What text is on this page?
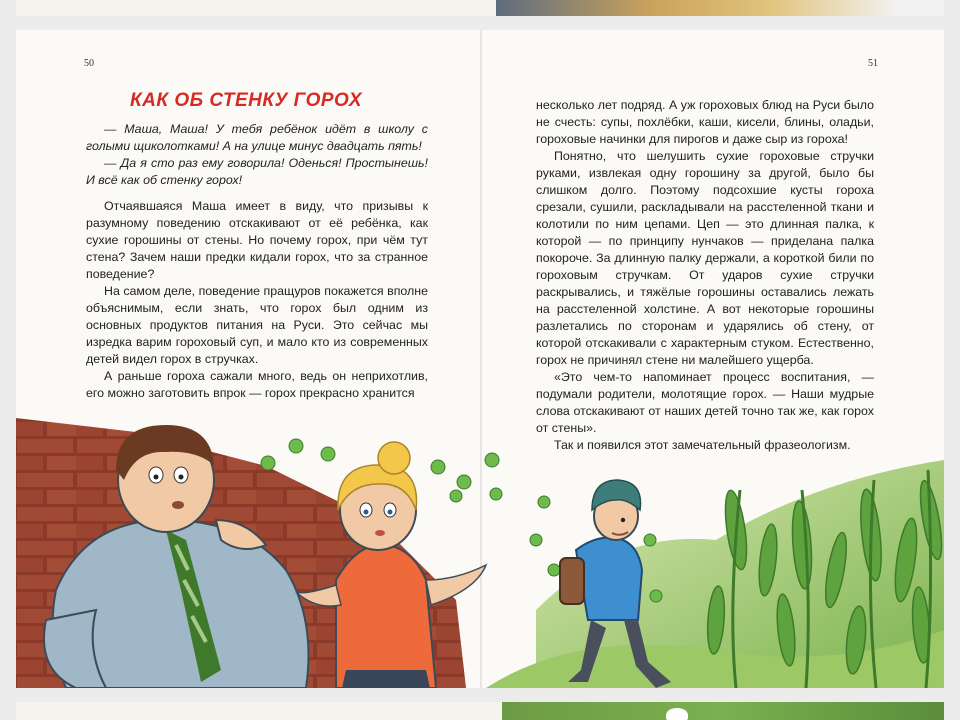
50	51
КАК ОБ СТЕНКУ ГОРОХ

— Маша, Маша! У тебя ребёнок идёт в школу с голыми щиколотками! А на улице минус двадцать пять!

— Да я сто раз ему говорила! Оденься! Простынешь! И всё как об стенку горох!

Отчаявшаяся Маша имеет в виду, что призывы к разумному поведению отскакивают от её ребёнка, как сухие горошины от стены. Но почему горох, при чём тут стена? Зачем наши предки кидали горох, что за странное поведение?

На самом деле, поведение пращуров покажется вполне объяснимым, если знать, что горох был одним из основных продуктов питания на Руси. Это сейчас мы изредка варим гороховый суп, и мало кто из современных детей видел горох в стручках.

А раньше гороха сажали много, ведь он неприхотлив, его можно заготовить впрок — горох прекрасно хранится

несколько лет подряд. А уж гороховых блюд на Руси было не счесть: супы, похлёбки, каши, кисели, блины, оладьи, гороховые начинки для пирогов и даже сыр из гороха!

Понятно, что шелушить сухие гороховые стручки руками, извлекая одну горошину за другой, было бы слишком долго. Поэтому подсохшие кусты гороха срезали, сушили, раскладывали на расстеленной ткани и колотили по ним цепами. Цеп — это длинная палка, к которой — по принципу нунчаков — приделана палка покороче. За длинную палку держали, а короткой били по гороховым стручкам. От ударов сухие стручки раскрывались, и тяжёлые горошины оставались лежать на расстеленной холстине. А вот некоторые горошины разлетались по сторонам и ударялись об стену, от которой отскакивали с характерным стуком. Естественно, горох не причинял стене ни малейшего ущерба.

«Это чем-то напоминает процесс воспитания, — подумали родители, молотящие горох. — Наши мудрые слова отскакивают от наших детей точно так же, как горох от стены».

Так и появился этот замечательный фразеологизм.
